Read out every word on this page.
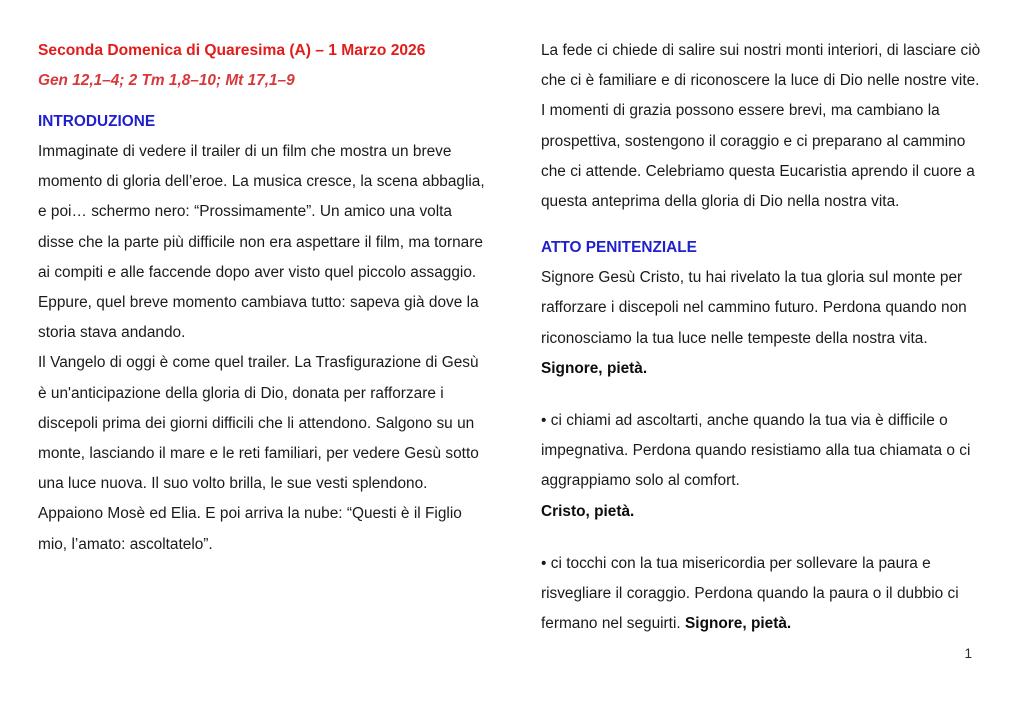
Seconda Domenica di Quaresima (A) – 1 Marzo 2026
Gen 12,1–4; 2 Tm 1,8–10; Mt 17,1–9
INTRODUZIONE

Immaginate di vedere il trailer di un film che mostra un breve momento di gloria dell’eroe. La musica cresce, la scena abbaglia, e poi… schermo nero: “Prossimamente”. Un amico una volta disse che la parte più difficile non era aspettare il film, ma tornare ai compiti e alle faccende dopo aver visto quel piccolo assaggio. Eppure, quel breve momento cambiava tutto: sapeva già dove la storia stava andando.

Il Vangelo di oggi è come quel trailer. La Trasfigurazione di Gesù è un'anticipazione della gloria di Dio, donata per rafforzare i discepoli prima dei giorni difficili che li attendono. Salgono su un monte, lasciando il mare e le reti familiari, per vedere Gesù sotto una luce nuova. Il suo volto brilla, le sue vesti splendono. Appaiono Mosè ed Elia. E poi arriva la nube: “Questi è il Figlio mio, l’amato: ascoltatelo”.

La fede ci chiede di salire sui nostri monti interiori, di lasciare ciò che ci è familiare e di riconoscere la luce di Dio nelle nostre vite. I momenti di grazia possono essere brevi, ma cambiano la prospettiva, sostengono il coraggio e ci preparano al cammino che ci attende. Celebriamo questa Eucaristia aprendo il cuore a questa anteprima della gloria di Dio nella nostra vita.

ATTO PENITENZIALE

Signore Gesù Cristo, tu hai rivelato la tua gloria sul monte per rafforzare i discepoli nel cammino futuro. Perdona quando non riconosciamo la tua luce nelle tempeste della nostra vita. Signore, pietà.

• ci chiami ad ascoltarti, anche quando la tua via è difficile o impegnativa. Perdona quando resistiamo alla tua chiamata o ci aggrappiamo solo al comfort.
Cristo, pietà.

• ci tocchi con la tua misericordia per sollevare la paura e risvegliare il coraggio. Perdona quando la paura o il dubbio ci fermano nel seguirti. Signore, pietà.

1
